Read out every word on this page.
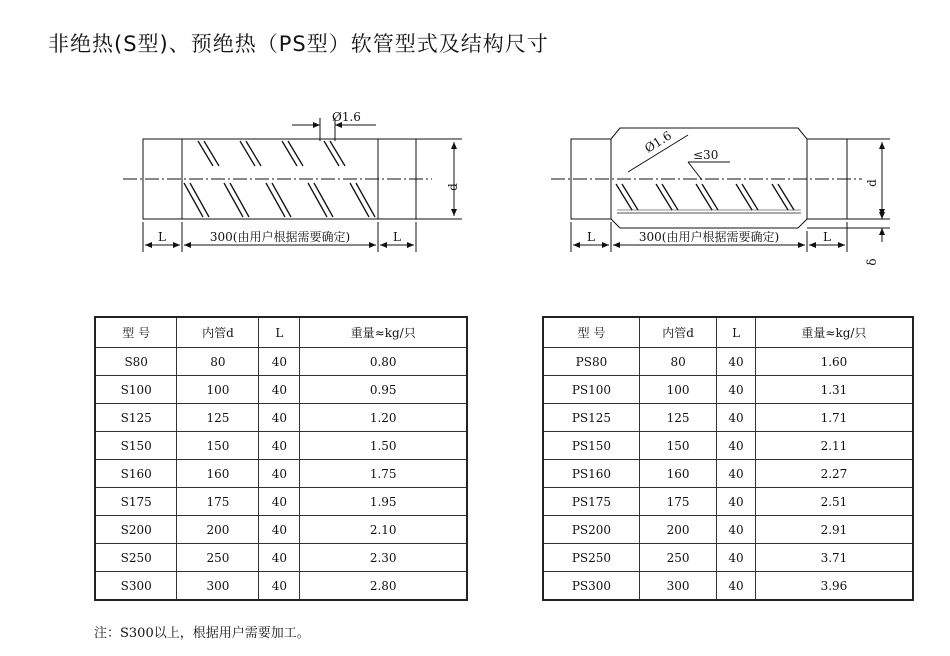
非绝热(S型)、预绝热（PS型）软管型式及结构尺寸
Ø1.6
d
L	300(由用户根据需要确定)	L
Ø1.6 ≤30
d
δ
L	300(由用户根据需要确定)	L
型 号	内管d	L	重量≈kg/只
S80	80	40	0.80
S100	100	40	0.95
S125	125	40	1.20
S150	150	40	1.50
S160	160	40	1.75
S175	175	40	1.95
S200	200	40	2.10
S250	250	40	2.30
S300	300	40	2.80
型 号	内管d	L	重量≈kg/只
PS80	80	40	1.60
PS100	100	40	1.31
PS125	125	40	1.71
PS150	150	40	2.11
PS160	160	40	2.27
PS175	175	40	2.51
PS200	200	40	2.91
PS250	250	40	3.71
PS300	300	40	3.96
注：S300以上，根据用户需要加工。
